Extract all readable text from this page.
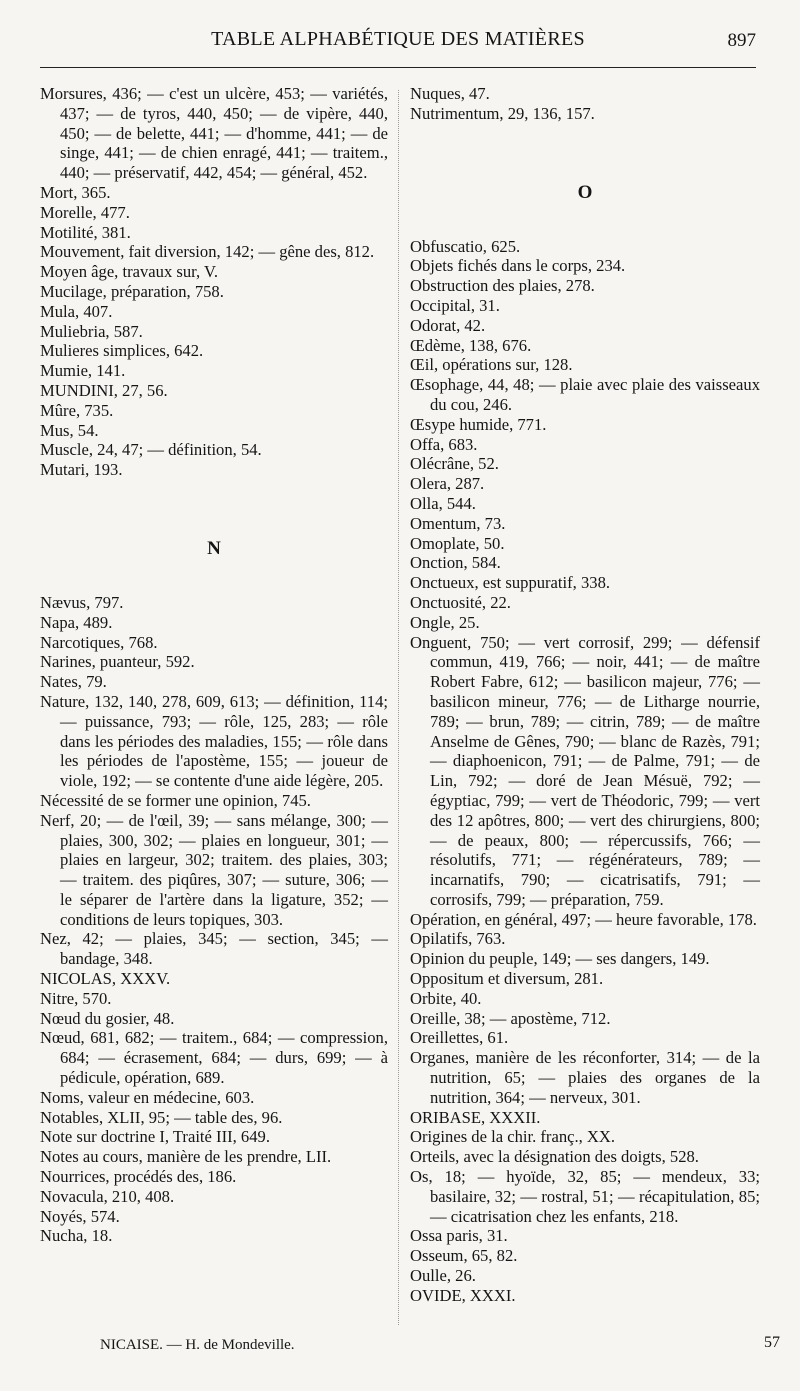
TABLE ALPHABÉTIQUE DES MATIÈRES	897
Morsures, 436; — c'est un ulcère, 453; — variétés, 437; — de tyros, 440, 450; — de vipère, 440, 450; — de belette, 441; — d'homme, 441; — de singe, 441; — de chien enragé, 441; — traitem., 440; — préservatif, 442, 454; — général, 452.
Mort, 365.
Morelle, 477.
Motilité, 381.
Mouvement, fait diversion, 142; — gêne des, 812.
Moyen âge, travaux sur, V.
Mucilage, préparation, 758.
Mula, 407.
Muliebria, 587.
Mulieres simplices, 642.
Mumie, 141.
MUNDINI, 27, 56.
Mûre, 735.
Mus, 54.
Muscle, 24, 47; — définition, 54.
Mutari, 193.
N
Nævus, 797.
Napa, 489.
Narcotiques, 768.
Narines, puanteur, 592.
Nates, 79.
Nature, 132, 140, 278, 609, 613; — définition, 114; — puissance, 793; — rôle, 125, 283; — rôle dans les périodes des maladies, 155; — rôle dans les périodes de l'apostème, 155; — joueur de viole, 192; — se contente d'une aide légère, 205.
Nécessité de se former une opinion, 745.
Nerf, 20; — de l'œil, 39; — sans mélange, 300; — plaies, 300, 302; — plaies en longueur, 301; — plaies en largeur, 302; traitem. des plaies, 303; — traitem. des piqûres, 307; — suture, 306; — le séparer de l'artère dans la ligature, 352; — conditions de leurs topiques, 303.
Nez, 42; — plaies, 345; — section, 345; — bandage, 348.
NICOLAS, XXXV.
Nitre, 570.
Nœud du gosier, 48.
Nœud, 681, 682; — traitem., 684; — compression, 684; — écrasement, 684; — durs, 699; — à pédicule, opération, 689.
Noms, valeur en médecine, 603.
Notables, XLII, 95; — table des, 96.
Note sur doctrine I, Traité III, 649.
Notes au cours, manière de les prendre, LII.
Nourrices, procédés des, 186.
Novacula, 210, 408.
Noyés, 574.
Nucha, 18.
Nuques, 47.
Nutrimentum, 29, 136, 157.
O
Obfuscatio, 625.
Objets fichés dans le corps, 234.
Obstruction des plaies, 278.
Occipital, 31.
Odorat, 42.
Œdème, 138, 676.
Œil, opérations sur, 128.
Œsophage, 44, 48; — plaie avec plaie des vaisseaux du cou, 246.
Œsype humide, 771.
Offa, 683.
Olécrâne, 52.
Olera, 287.
Olla, 544.
Omentum, 73.
Omoplate, 50.
Onction, 584.
Onctueux, est suppuratif, 338.
Onctuosité, 22.
Ongle, 25.
Onguent, 750; — vert corrosif, 299; — défensif commun, 419, 766; — noir, 441; — de maître Robert Fabre, 612; — basilicon majeur, 776; — basilicon mineur, 776; — de Litharge nourrie, 789; — brun, 789; — citrin, 789; — de maître Anselme de Gênes, 790; — blanc de Razès, 791; — diaphoenicon, 791; — de Palme, 791; — de Lin, 792; — doré de Jean Mésuë, 792; — égyptiac, 799; — vert de Théodoric, 799; — vert des 12 apôtres, 800; — vert des chirurgiens, 800; — de peaux, 800; — répercussifs, 766; — résolutifs, 771; — régénérateurs, 789; — incarnatifs, 790; — cicatrisatifs, 791; — corrosifs, 799; — préparation, 759.
Opération, en général, 497; — heure favorable, 178.
Opilatifs, 763.
Opinion du peuple, 149; — ses dangers, 149.
Oppositum et diversum, 281.
Orbite, 40.
Oreille, 38; — apostème, 712.
Oreillettes, 61.
Organes, manière de les réconforter, 314; — de la nutrition, 65; — plaies des organes de la nutrition, 364; — nerveux, 301.
ORIBASE, XXXII.
Origines de la chir. franç., XX.
Orteils, avec la désignation des doigts, 528.
Os, 18; — hyoïde, 32, 85; — mendeux, 33; basilaire, 32; — rostral, 51; — récapitulation, 85; — cicatrisation chez les enfants, 218.
Ossa paris, 31.
Osseum, 65, 82.
Oulle, 26.
OVIDE, XXXI.
NICAISE. — H. de Mondeville.	57
